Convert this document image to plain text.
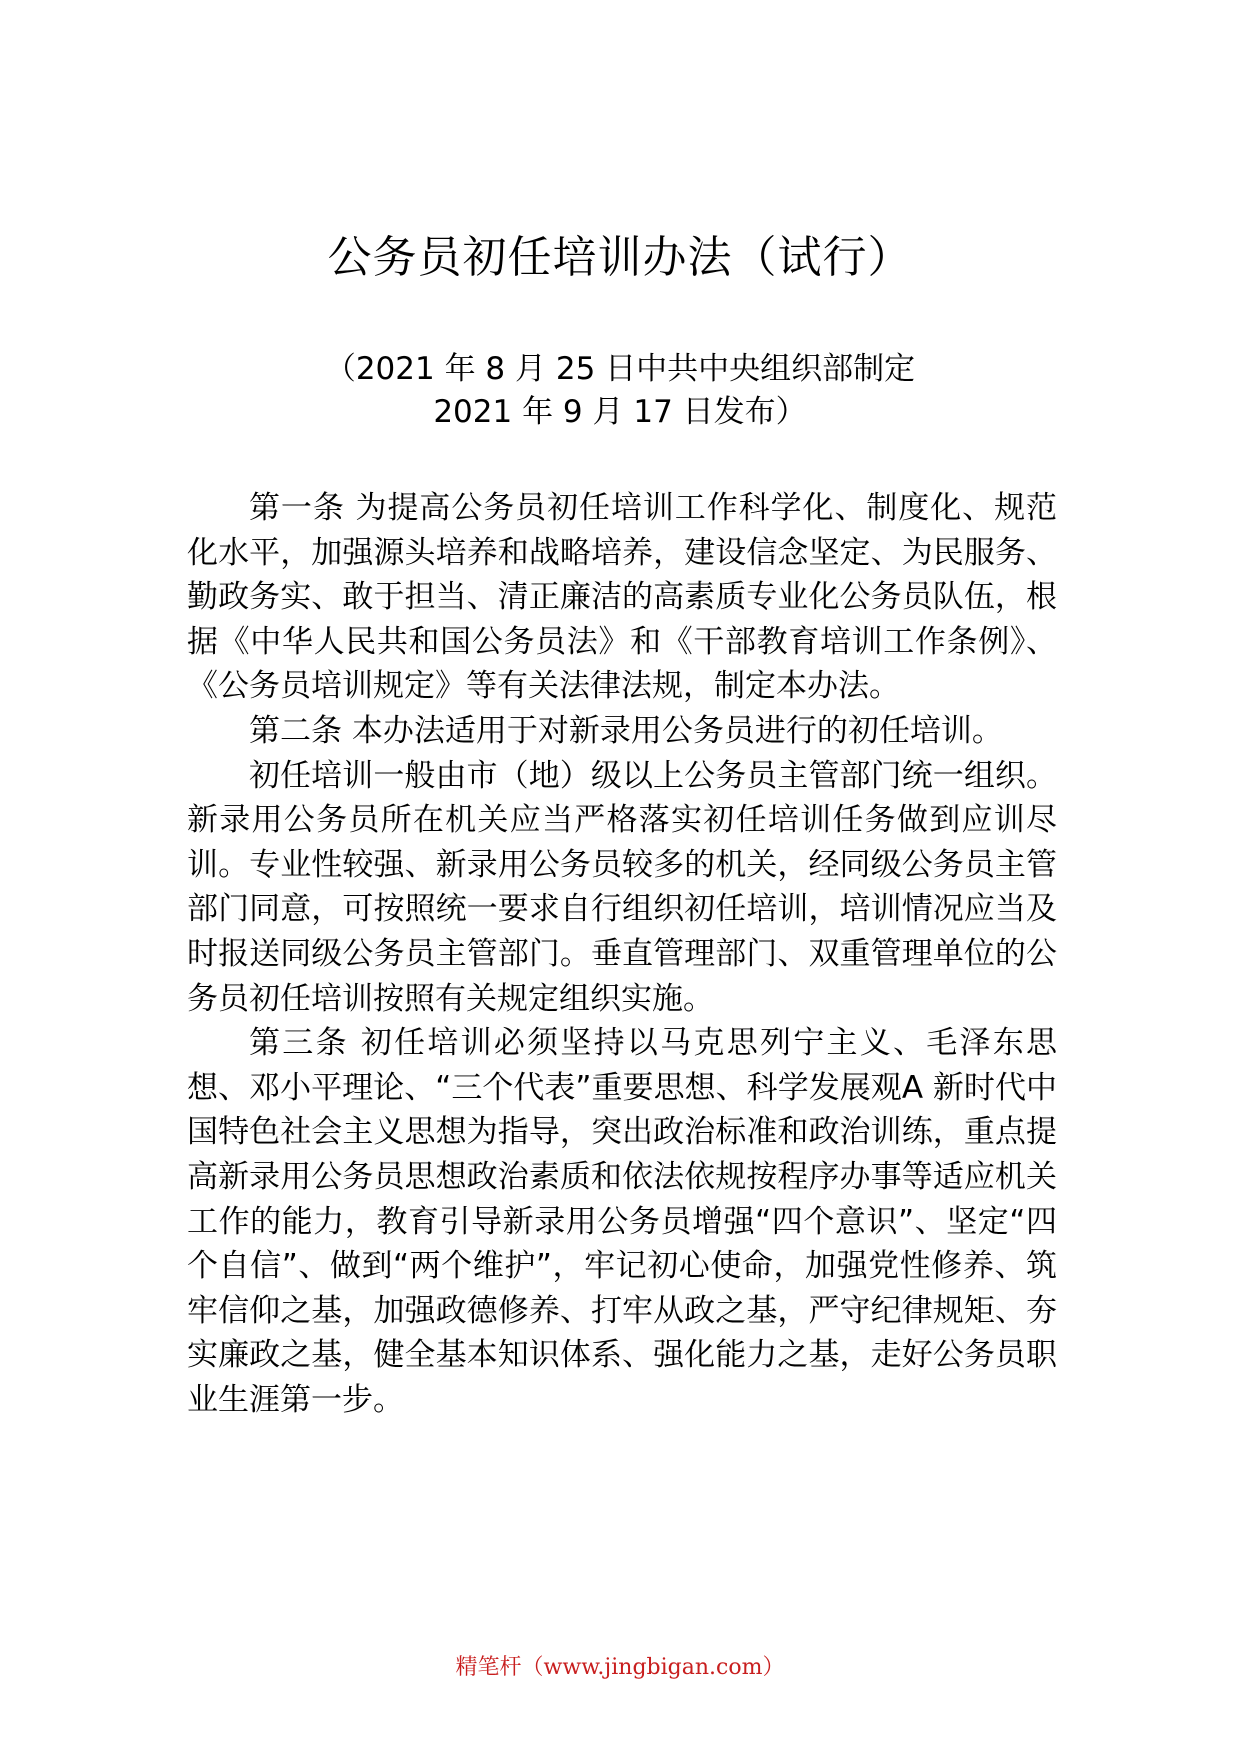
公务员初任培训办法（试行）
（2021 年 8 月 25 日中共中央组织部制定
2021 年 9 月 17 日发布）

第一条 为提高公务员初任培训工作科学化、制度化、规范化水平，加强源头培养和战略培养，建设信念坚定、为民服务、勤政务实、敢于担当、清正廉洁的高素质专业化公务员队伍，根据《中华人民共和国公务员法》和《干部教育培训工作条例》、《公务员培训规定》等有关法律法规，制定本办法。

第二条 本办法适用于对新录用公务员进行的初任培训。

初任培训一般由市（地）级以上公务员主管部门统一组织。新录用公务员所在机关应当严格落实初任培训任务做到应训尽训。专业性较强、新录用公务员较多的机关，经同级公务员主管部门同意，可按照统一要求自行组织初任培训，培训情况应当及时报送同级公务员主管部门。垂直管理部门、双重管理单位的公务员初任培训按照有关规定组织实施。

第三条 初任培训必须坚持以马克思列宁主义、毛泽东思想、邓小平理论、“三个代表”重要思想、科学发展观A 新时代中国特色社会主义思想为指导，突出政治标准和政治训练，重点提高新录用公务员思想政治素质和依法依规按程序办事等适应机关工作的能力，教育引导新录用公务员增强“四个意识”、坚定“四个自信”、做到“两个维护”，牢记初心使命，加强党性修养、筑牢信仰之基，加强政德修养、打牢从政之基，严守纪律规矩、夯实廉政之基，健全基本知识体系、强化能力之基，走好公务员职业生涯第一步。

精笔杆（www.jingbigan.com）
